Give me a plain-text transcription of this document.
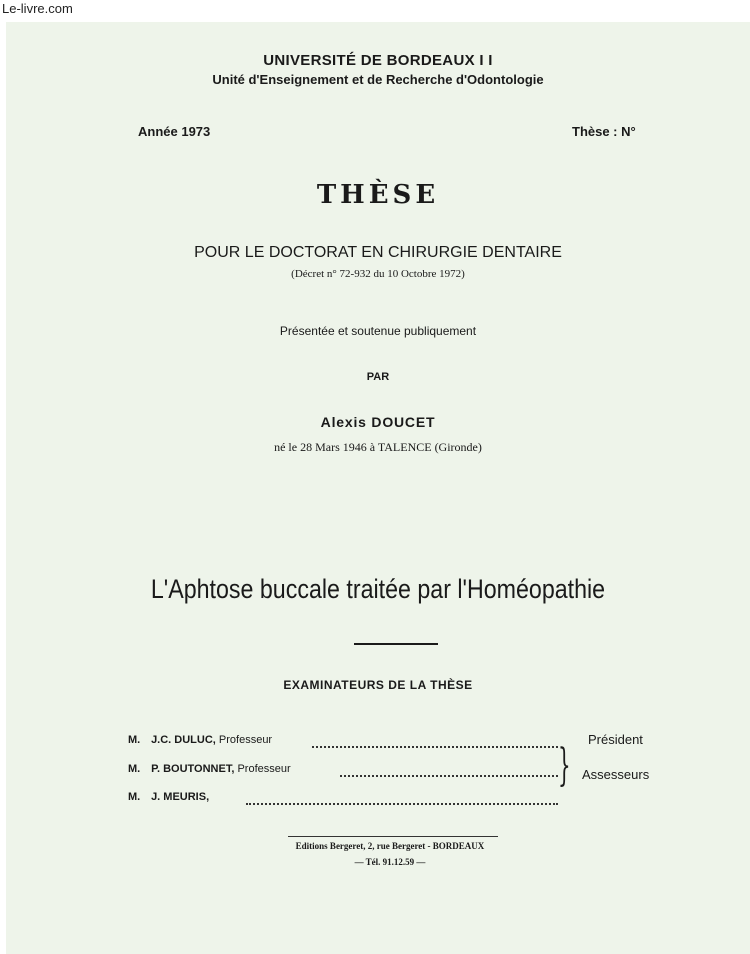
Le-livre.com
UNIVERSITÉ DE BORDEAUX I I
Unité d'Enseignement et de Recherche d'Odontologie
Année 1973	Thèse : N°
THÈSE
POUR LE DOCTORAT EN CHIRURGIE DENTAIRE
(Décret n° 72-932 du 10 Octobre 1972)
Présentée et soutenue publiquement
PAR
Alexis DOUCET
né le 28 Mars 1946 à TALENCE (Gironde)
L'Aphtose buccale traitée par l'Homéopathie
EXAMINATEURS DE LA THÈSE
M. J.C. DULUC, Professeur
M. P. BOUTONNET, Professeur
M. J. MEURIS,
Président
} Assesseurs
Editions Bergeret, 2, rue Bergeret - BORDEAUX
— Tél. 91.12.59 —
